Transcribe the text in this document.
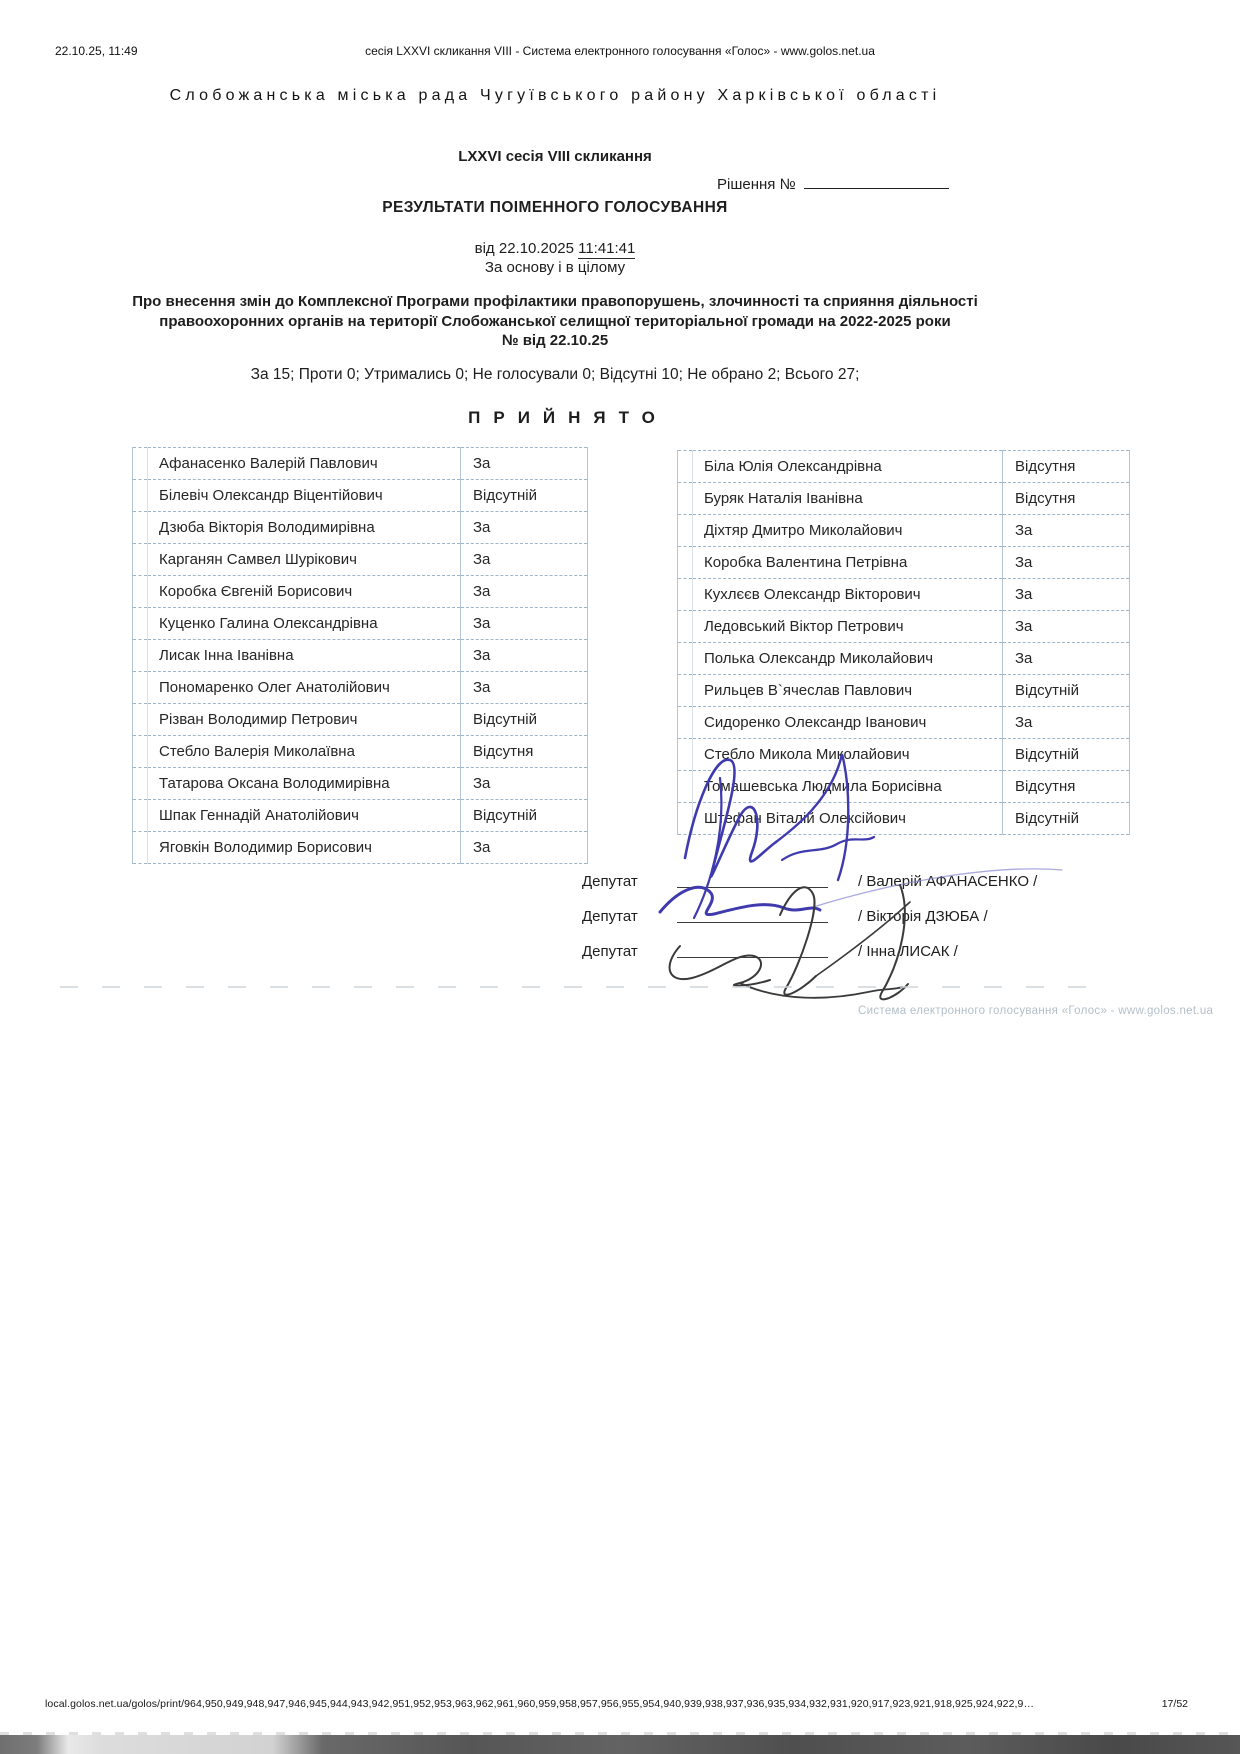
22.10.25, 11:49	сесія LXXVI скликання VIII - Система електронного голосування «Голос» - www.golos.net.ua
Слобожанська міська рада Чугуївського району Харківської області
LXXVI сесія VIII скликання
Рішення №
РЕЗУЛЬТАТИ ПОІМЕННОГО ГОЛОСУВАННЯ
від 22.10.2025 11:41:41
За основу і в цілому
Про внесення змін до Комплексної Програми профілактики правопорушень, злочинності та сприяння діяльності правоохоронних органів на території Слобожанської селищної територіальної громади на 2022-2025 роки
№ від 22.10.25
За 15; Проти 0; Утримались 0; Не голосували 0; Відсутні 10; Не обрано 2; Всього 27;
ПРИЙНЯТО
	Афанасенко Валерій Павлович	За
	Білевіч Олександр Віцентійович	Відсутній
	Дзюба Вікторія Володимирівна	За
	Карганян Самвел Шурікович	За
	Коробка Євгеній Борисович	За
	Куценко Галина Олександрівна	За
	Лисак Інна Іванівна	За
	Пономаренко Олег Анатолійович	За
	Різван Володимир Петрович	Відсутній
	Стебло Валерія Миколаївна	Відсутня
	Татарова Оксана Володимирівна	За
	Шпак Геннадій Анатолійович	Відсутній
	Яговкін Володимир Борисович	За
	Біла Юлія Олександрівна	Відсутня
	Буряк Наталія Іванівна	Відсутня
	Діхтяр Дмитро Миколайович	За
	Коробка Валентина Петрівна	За
	Кухлєєв Олександр Вікторович	За
	Ледовський Віктор Петрович	За
	Полька Олександр Миколайович	За
	Рильцев В`ячеслав Павлович	Відсутній
	Сидоренко Олександр Іванович	За
	Стебло Микола Миколайович	Відсутній
	Томашевська Людмила Борисівна	Відсутня
	Штефан Віталій Олексійович	Відсутній
Депутат	/ Валерій АФАНАСЕНКО /
Депутат	/ Вікторія ДЗЮБА /
Депутат	/ Інна ЛИСАК /
Система електронного голосування «Голос» - www.golos.net.ua
local.golos.net.ua/golos/print/964,950,949,948,947,946,945,944,943,942,951,952,953,963,962,961,960,959,958,957,956,955,954,940,939,938,937,936,935,934,932,931,920,917,923,921,918,925,924,922,9…	17/52
